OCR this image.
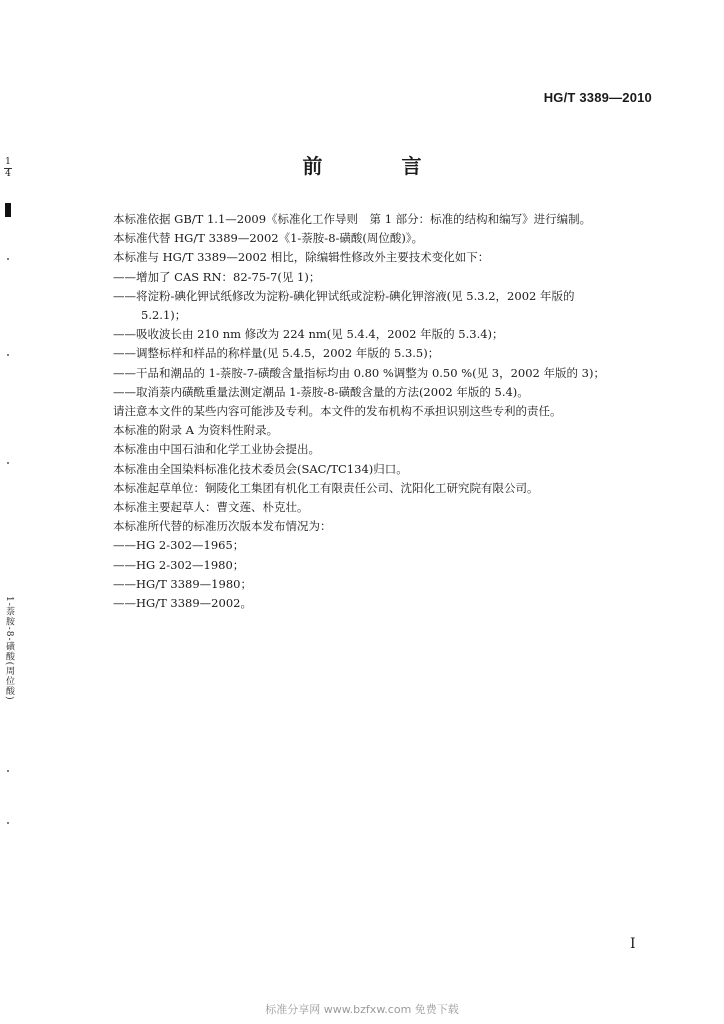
HG/T 3389—2010
前 言
本标准依据 GB/T 1.1—2009《标准化工作导则　第 1 部分：标准的结构和编写》进行编制。
本标准代替 HG/T 3389—2002《1-萘胺-8-磺酸(周位酸)》。
本标准与 HG/T 3389—2002 相比，除编辑性修改外主要技术变化如下：
——增加了 CAS RN：82-75-7(见 1)；
——将淀粉-碘化钾试纸修改为淀粉-碘化钾试纸或淀粉-碘化钾溶液(见 5.3.2，2002 年版的
5.2.1)；
——吸收波长由 210 nm 修改为 224 nm(见 5.4.4，2002 年版的 5.3.4)；
——调整标样和样品的称样量(见 5.4.5，2002 年版的 5.3.5)；
——干品和潮品的 1-萘胺-7-磺酸含量指标均由 0.80 %调整为 0.50 %(见 3，2002 年版的 3)；
——取消萘内磺酰重量法测定潮品 1-萘胺-8-磺酸含量的方法(2002 年版的 5.4)。
请注意本文件的某些内容可能涉及专利。本文件的发布机构不承担识别这些专利的责任。
本标准的附录 A 为资料性附录。
本标准由中国石油和化学工业协会提出。
本标准由全国染料标准化技术委员会(SAC/TC134)归口。
本标准起草单位：铜陵化工集团有机化工有限责任公司、沈阳化工研究院有限公司。
本标准主要起草人：曹文莲、朴克壮。
本标准所代替的标准历次版本发布情况为：
——HG 2-302—1965；
——HG 2-302—1980；
——HG/T 3389—1980；
——HG/T 3389—2002。
I
标准分享网 www.bzfxw.com 免费下载
1
4
1-萘胺-8-磺酸(周位酸)
